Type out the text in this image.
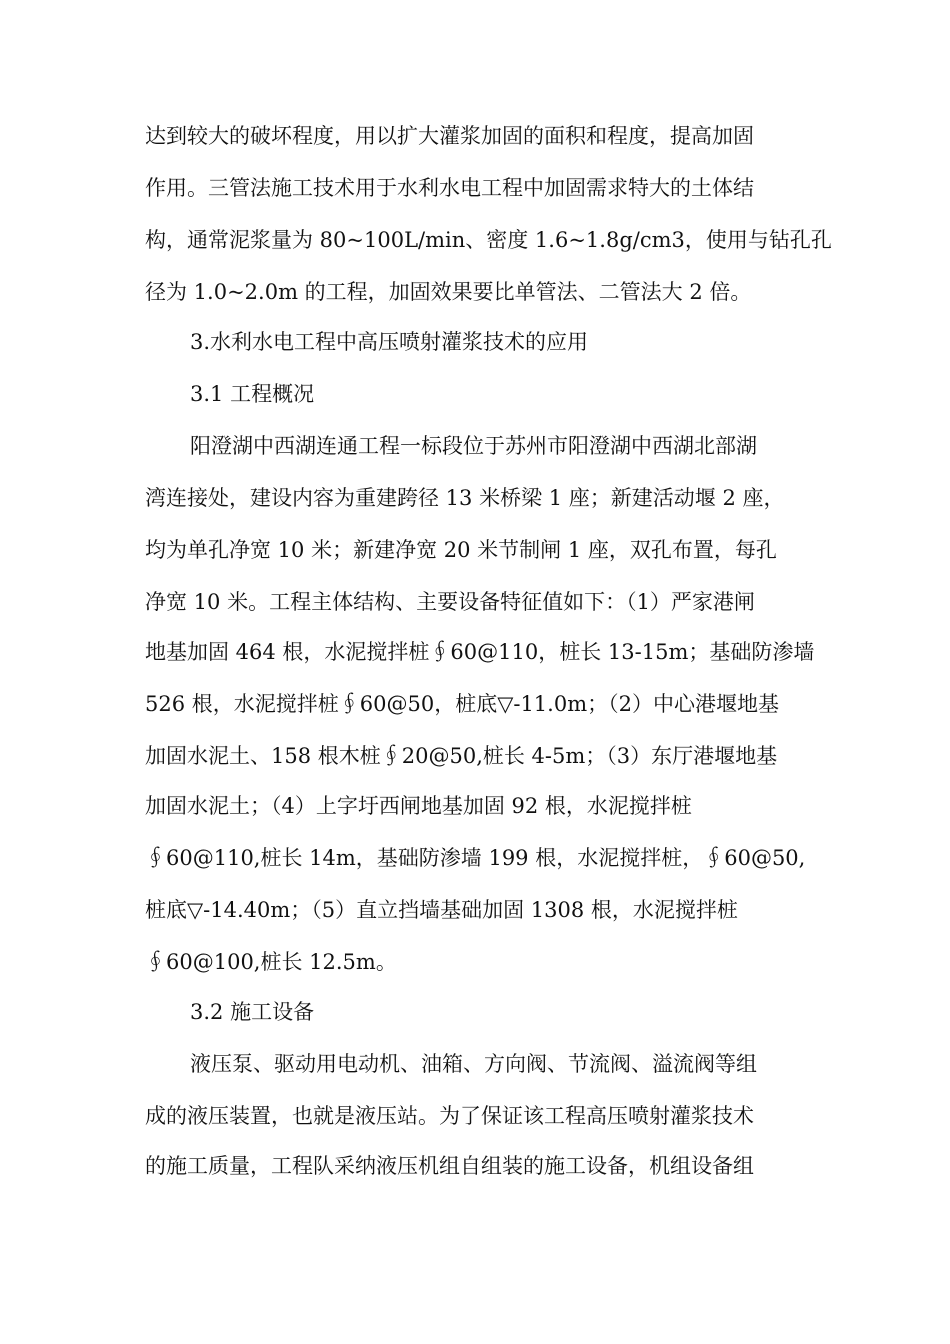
达到较大的破坏程度，用以扩大灌浆加固的面积和程度，提高加固
作用。三管法施工技术用于水利水电工程中加固需求特大的土体结
构，通常泥浆量为 80~100L/min、密度 1.6~1.8g/cm3，使用与钻孔孔
径为 1.0~2.0m 的工程，加固效果要比单管法、二管法大 2 倍。
3.水利水电工程中高压喷射灌浆技术的应用
3.1 工程概况
阳澄湖中西湖连通工程一标段位于苏州市阳澄湖中西湖北部湖
湾连接处，建设内容为重建跨径 13 米桥梁 1 座；新建活动堰 2 座，
均为单孔净宽 10 米；新建净宽 20 米节制闸 1 座，双孔布置，每孔
净宽 10 米。工程主体结构、主要设备特征值如下：（1）严家港闸
地基加固 464 根，水泥搅拌桩∮60@110，桩长 13-15m；基础防渗墙
526 根，水泥搅拌桩∮60@50，桩底▽-11.0m；（2）中心港堰地基
加固水泥土、158 根木桩∮20@50,桩长 4-5m；（3）东厅港堰地基
加固水泥土；（4）上字圩西闸地基加固 92 根，水泥搅拌桩
∮60@110,桩长 14m，基础防渗墙 199 根，水泥搅拌桩，∮60@50,
桩底▽-14.40m；（5）直立挡墙基础加固 1308 根，水泥搅拌桩
∮60@100,桩长 12.5m。
3.2 施工设备
液压泵、驱动用电动机、油箱、方向阀、节流阀、溢流阀等组
成的液压装置，也就是液压站。为了保证该工程高压喷射灌浆技术
的施工质量，工程队采纳液压机组自组装的施工设备，机组设备组
